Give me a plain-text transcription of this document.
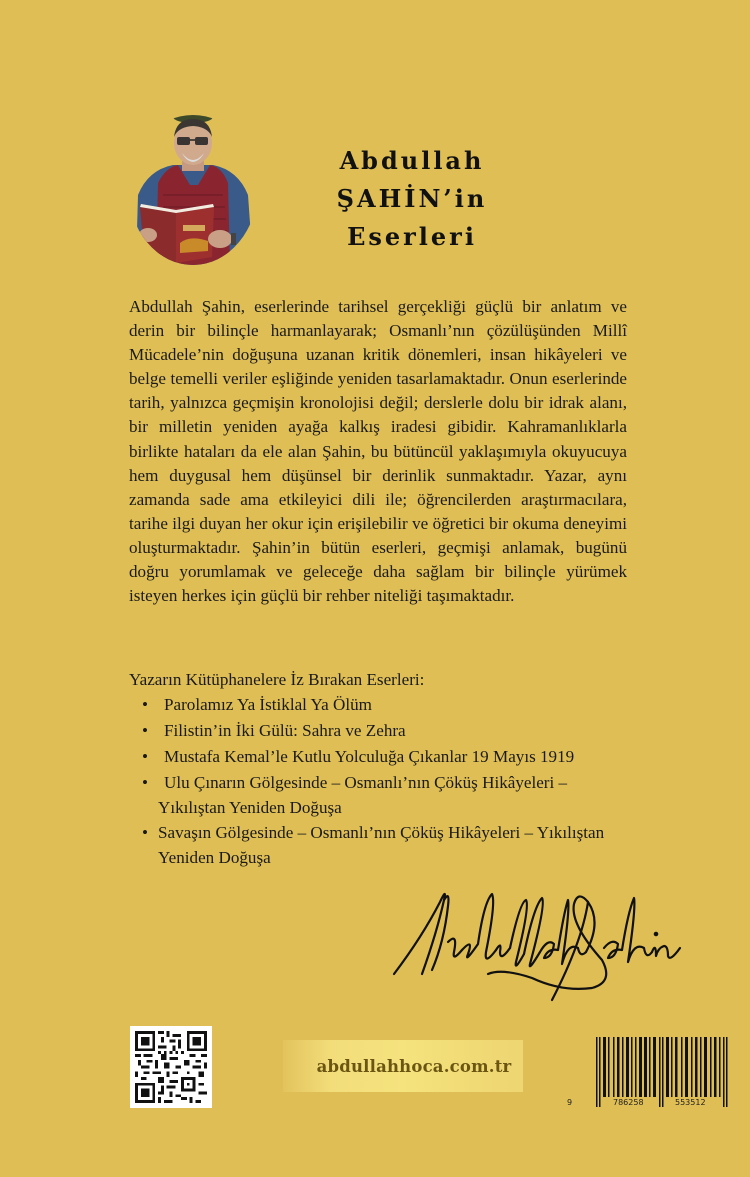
Abdullah ŞAHİN’in
Eserleri

Abdullah Şahin, eserlerinde tarihsel gerçekliği güçlü bir anlatım ve derin bir bilinçle harmanlayarak; Osmanlı’nın çözülüşünden Millî Mücadele’nin doğuşuna uzanan kritik dönemleri, insan hikâyeleri ve belge temelli veriler eşliğinde yeniden tasarlamaktadır. Onun eserlerinde tarih, yalnızca geçmişin kronolojisi değil; derslerle dolu bir idrak alanı, bir milletin yeniden ayağa kalkış iradesi gibidir. Kahramanlıklarla birlikte hataları da ele alan Şahin, bu bütüncül yaklaşımıyla okuyucuya hem duygusal hem düşünsel bir derinlik sunmaktadır. Yazar, aynı zamanda sade ama etkileyici dili ile; öğrencilerden araştırmacılara, tarihe ilgi duyan her okur için erişilebilir ve öğretici bir okuma deneyimi oluşturmaktadır. Şahin’in bütün eserleri, geçmişi anlamak, bugünü doğru yorumlamak ve geleceğe daha sağlam bir bilinçle yürümek isteyen herkes için güçlü bir rehber niteliği taşımaktadır.

Yazarın Kütüphanelere İz Bırakan Eserleri:
• Parolamız Ya İstiklal Ya Ölüm
• Filistin’in İki Gülü: Sahra ve Zehra
• Mustafa Kemal’le Kutlu Yolculuğa Çıkanlar 19 Mayıs 1919
• Ulu Çınarın Gölgesinde – Osmanlı’nın Çöküş Hikâyeleri –
Yıkılıştan Yeniden Doğuşa
• Savaşın Gölgesinde – Osmanlı’nın Çöküş Hikâyeleri – Yıkılıştan
Yeniden Doğuşa
abdullahhoca.com.tr
9	786258	553512
